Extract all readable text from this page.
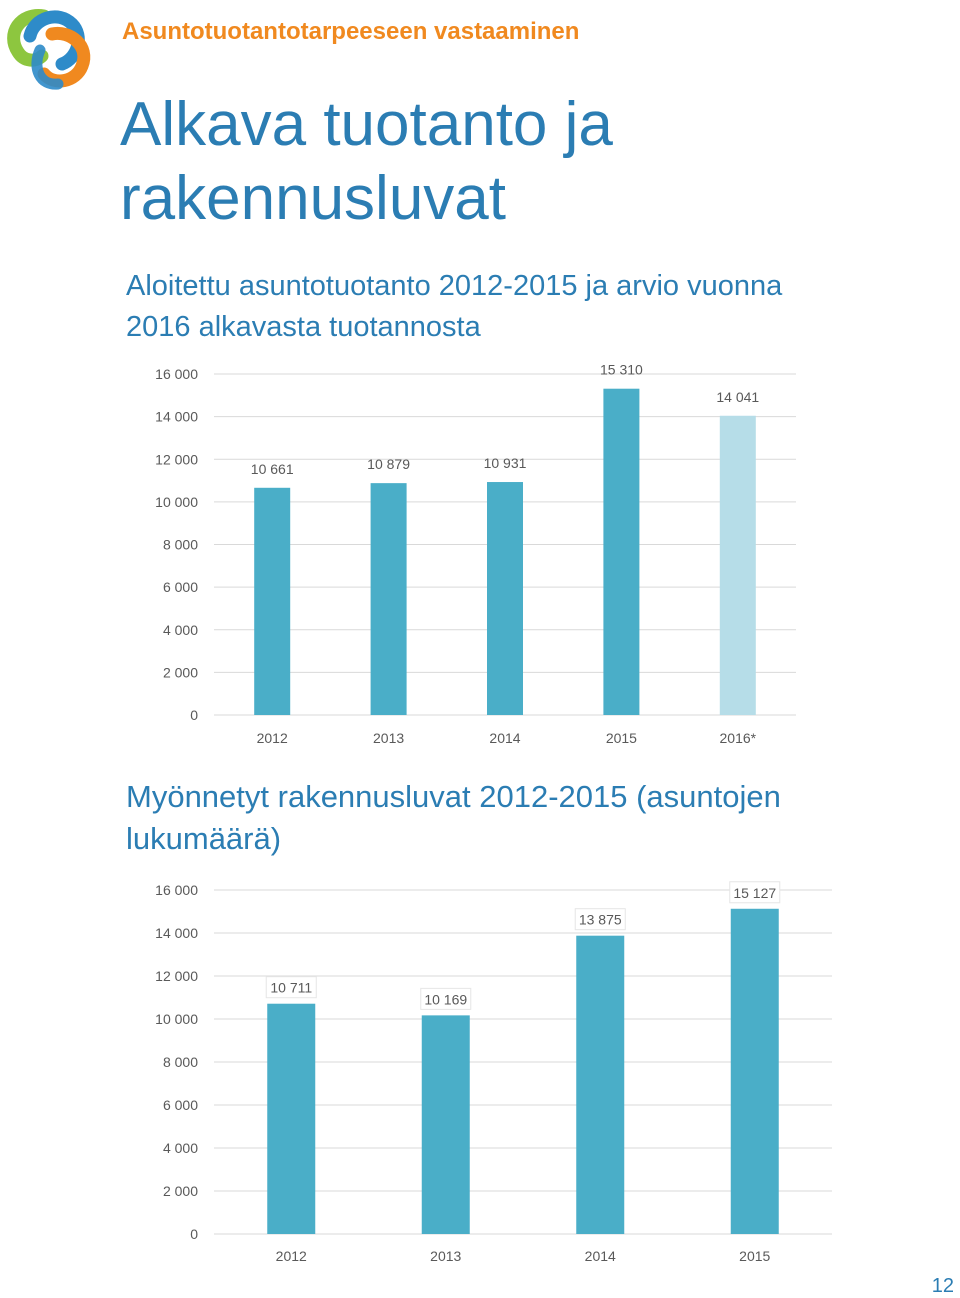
Asuntotuotantotarpeeseen vastaaminen
Alkava tuotanto ja rakennusluvat
Aloitettu asuntotuotanto 2012-2015 ja arvio vuonna 2016 alkavasta tuotannosta
0
2 000
4 000
6 000
8 000
10 000
12 000
14 000
16 000
10 661
2012
10 879
2013
10 931
2014
15 310
2015
14 041
2016*
Myönnetyt rakennusluvat 2012-2015 (asuntojen lukumäärä)
0
2 000
4 000
6 000
8 000
10 000
12 000
14 000
16 000
10 711
2012
10 169
2013
13 875
2014
15 127
2015
12
